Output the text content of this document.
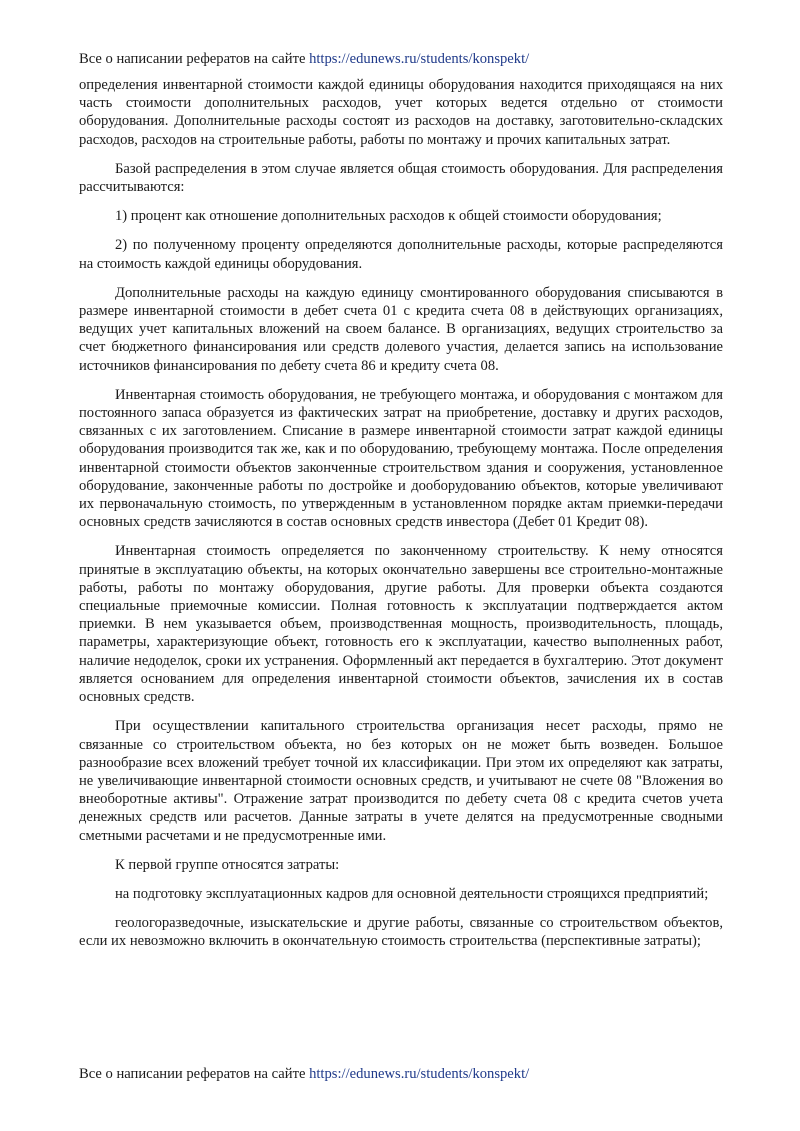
Все о написании рефератов на сайте https://edunews.ru/students/konspekt/

определения инвентарной стоимости каждой единицы оборудования находится приходящаяся на них часть стоимости дополнительных расходов, учет которых ведется отдельно от стоимости оборудования. Дополнительные расходы состоят из расходов на доставку, заготовительно-складских расходов, расходов на строительные работы, работы по монтажу и прочих капитальных затрат.

Базой распределения в этом случае является общая стоимость оборудования. Для распределения рассчитываются:

1) процент как отношение дополнительных расходов к общей стоимости оборудования;

2) по полученному проценту определяются дополнительные расходы, которые распределяются на стоимость каждой единицы оборудования.

Дополнительные расходы на каждую единицу смонтированного оборудования списываются в размере инвентарной стоимости в дебет счета 01 с кредита счета 08 в действующих организациях, ведущих учет капитальных вложений на своем балансе. В организациях, ведущих строительство за счет бюджетного финансирования или средств долевого участия, делается запись на использование источников финансирования по дебету счета 86 и кредиту счета 08.

Инвентарная стоимость оборудования, не требующего монтажа, и оборудования с монтажом для постоянного запаса образуется из фактических затрат на приобретение, доставку и других расходов, связанных с их заготовлением. Списание в размере инвентарной стоимости затрат каждой единицы оборудования производится так же, как и по оборудованию, требующему монтажа. После определения инвентарной стоимости объектов законченные строительством здания и сооружения, установленное оборудование, законченные работы по достройке и дооборудованию объектов, которые увеличивают их первоначальную стоимость, по утвержденным в установленном порядке актам приемки-передачи основных средств зачисляются в состав основных средств инвестора (Дебет 01 Кредит 08).

Инвентарная стоимость определяется по законченному строительству. К нему относятся принятые в эксплуатацию объекты, на которых окончательно завершены все строительно-монтажные работы, работы по монтажу оборудования, другие работы. Для проверки объекта создаются специальные приемочные комиссии. Полная готовность к эксплуатации подтверждается актом приемки. В нем указывается объем, производственная мощность, производительность, площадь, параметры, характеризующие объект, готовность его к эксплуатации, качество выполненных работ, наличие недоделок, сроки их устранения. Оформленный акт передается в бухгалтерию. Этот документ является основанием для определения инвентарной стоимости объектов, зачисления их в состав основных средств.

При осуществлении капитального строительства организация несет расходы, прямо не связанные со строительством объекта, но без которых он не может быть возведен. Большое разнообразие всех вложений требует точной их классификации. При этом их определяют как затраты, не увеличивающие инвентарной стоимости основных средств, и учитывают не счете 08 "Вложения во внеоборотные активы". Отражение затрат производится по дебету счета 08 с кредита счетов учета денежных средств или расчетов. Данные затраты в учете делятся на предусмотренные сводными сметными расчетами и не предусмотренные ими.

К первой группе относятся затраты:

на подготовку эксплуатационных кадров для основной деятельности строящихся предприятий;

геологоразведочные, изыскательские и другие работы, связанные со строительством объектов, если их невозможно включить в окончательную стоимость строительства (перспективные затраты);

Все о написании рефератов на сайте https://edunews.ru/students/konspekt/
